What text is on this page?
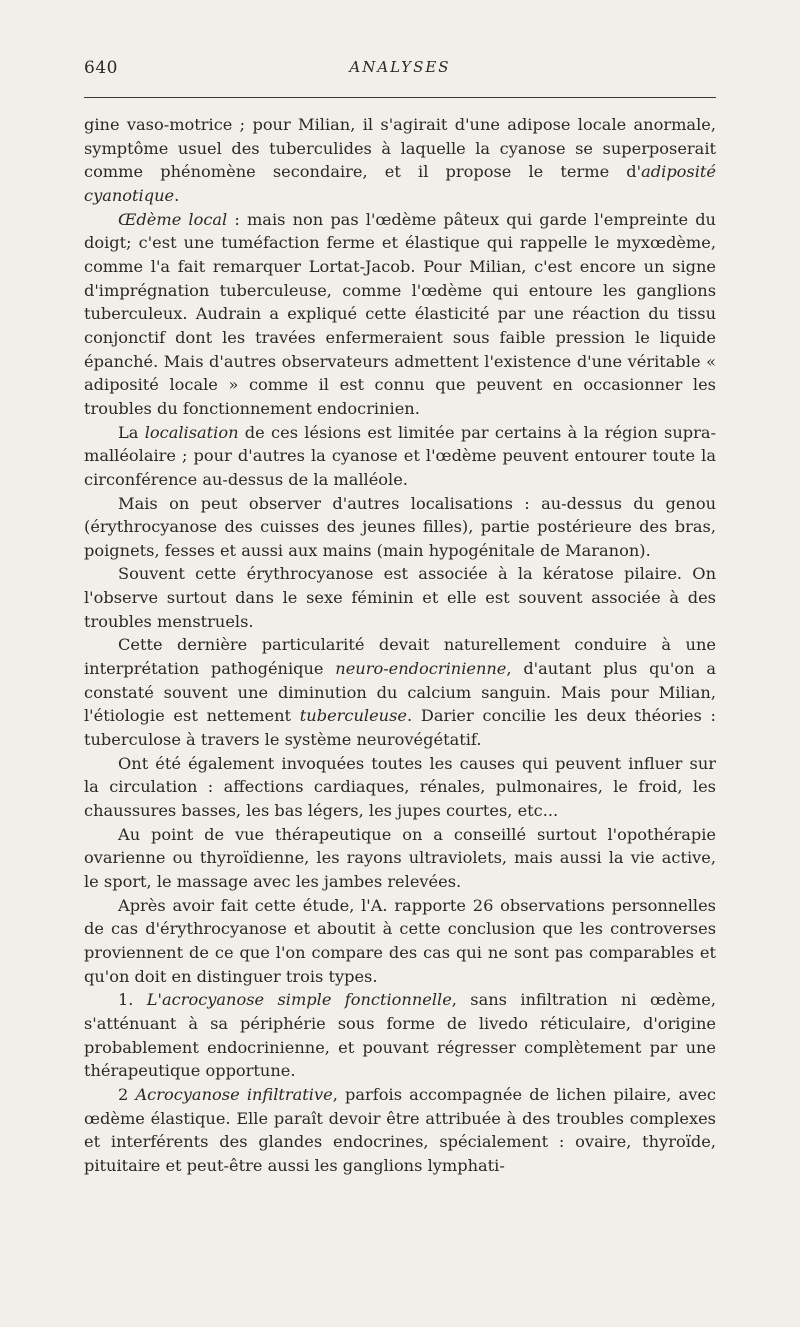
640	ANALYSES

gine vaso-motrice ; pour Milian, il s'agirait d'une adipose locale anormale, symptôme usuel des tuberculides à laquelle la cyanose se superposerait comme phénomène secondaire, et il propose le terme d'adiposité cyanotique.

Œdème local : mais non pas l'œdème pâteux qui garde l'empreinte du doigt; c'est une tuméfaction ferme et élastique qui rappelle le myxœdème, comme l'a fait remarquer Lortat-Jacob. Pour Milian, c'est encore un signe d'imprégnation tuberculeuse, comme l'œdème qui entoure les ganglions tuberculeux. Audrain a expliqué cette élasticité par une réaction du tissu conjonctif dont les travées enfermeraient sous faible pression le liquide épanché. Mais d'autres observateurs admettent l'existence d'une véritable « adiposité locale » comme il est connu que peuvent en occasionner les troubles du fonctionnement endocrinien.

La localisation de ces lésions est limitée par certains à la région supra-malléolaire ; pour d'autres la cyanose et l'œdème peuvent entourer toute la circonférence au-dessus de la malléole.

Mais on peut observer d'autres localisations : au-dessus du genou (érythrocyanose des cuisses des jeunes filles), partie postérieure des bras, poignets, fesses et aussi aux mains (main hypogénitale de Maranon).

Souvent cette érythrocyanose est associée à la kératose pilaire. On l'observe surtout dans le sexe féminin et elle est souvent associée à des troubles menstruels.

Cette dernière particularité devait naturellement conduire à une interprétation pathogénique neuro-endocrinienne, d'autant plus qu'on a constaté souvent une diminution du calcium sanguin. Mais pour Milian, l'étiologie est nettement tuberculeuse. Darier concilie les deux théories : tuberculose à travers le système neurovégétatif.

Ont été également invoquées toutes les causes qui peuvent influer sur la circulation : affections cardiaques, rénales, pulmonaires, le froid, les chaussures basses, les bas légers, les jupes courtes, etc...

Au point de vue thérapeutique on a conseillé surtout l'opothérapie ovarienne ou thyroïdienne, les rayons ultraviolets, mais aussi la vie active, le sport, le massage avec les jambes relevées.

Après avoir fait cette étude, l'A. rapporte 26 observations personnelles de cas d'érythrocyanose et aboutit à cette conclusion que les controverses proviennent de ce que l'on compare des cas qui ne sont pas comparables et qu'on doit en distinguer trois types.

1. L'acrocyanose simple fonctionnelle, sans infiltration ni œdème, s'atténuant à sa périphérie sous forme de livedo réticulaire, d'origine probablement endocrinienne, et pouvant régresser complètement par une thérapeutique opportune.

2 Acrocyanose infiltrative, parfois accompagnée de lichen pilaire, avec œdème élastique. Elle paraît devoir être attribuée à des troubles complexes et interférents des glandes endocrines, spécialement : ovaire, thyroïde, pituitaire et peut-être aussi les ganglions lymphati-
